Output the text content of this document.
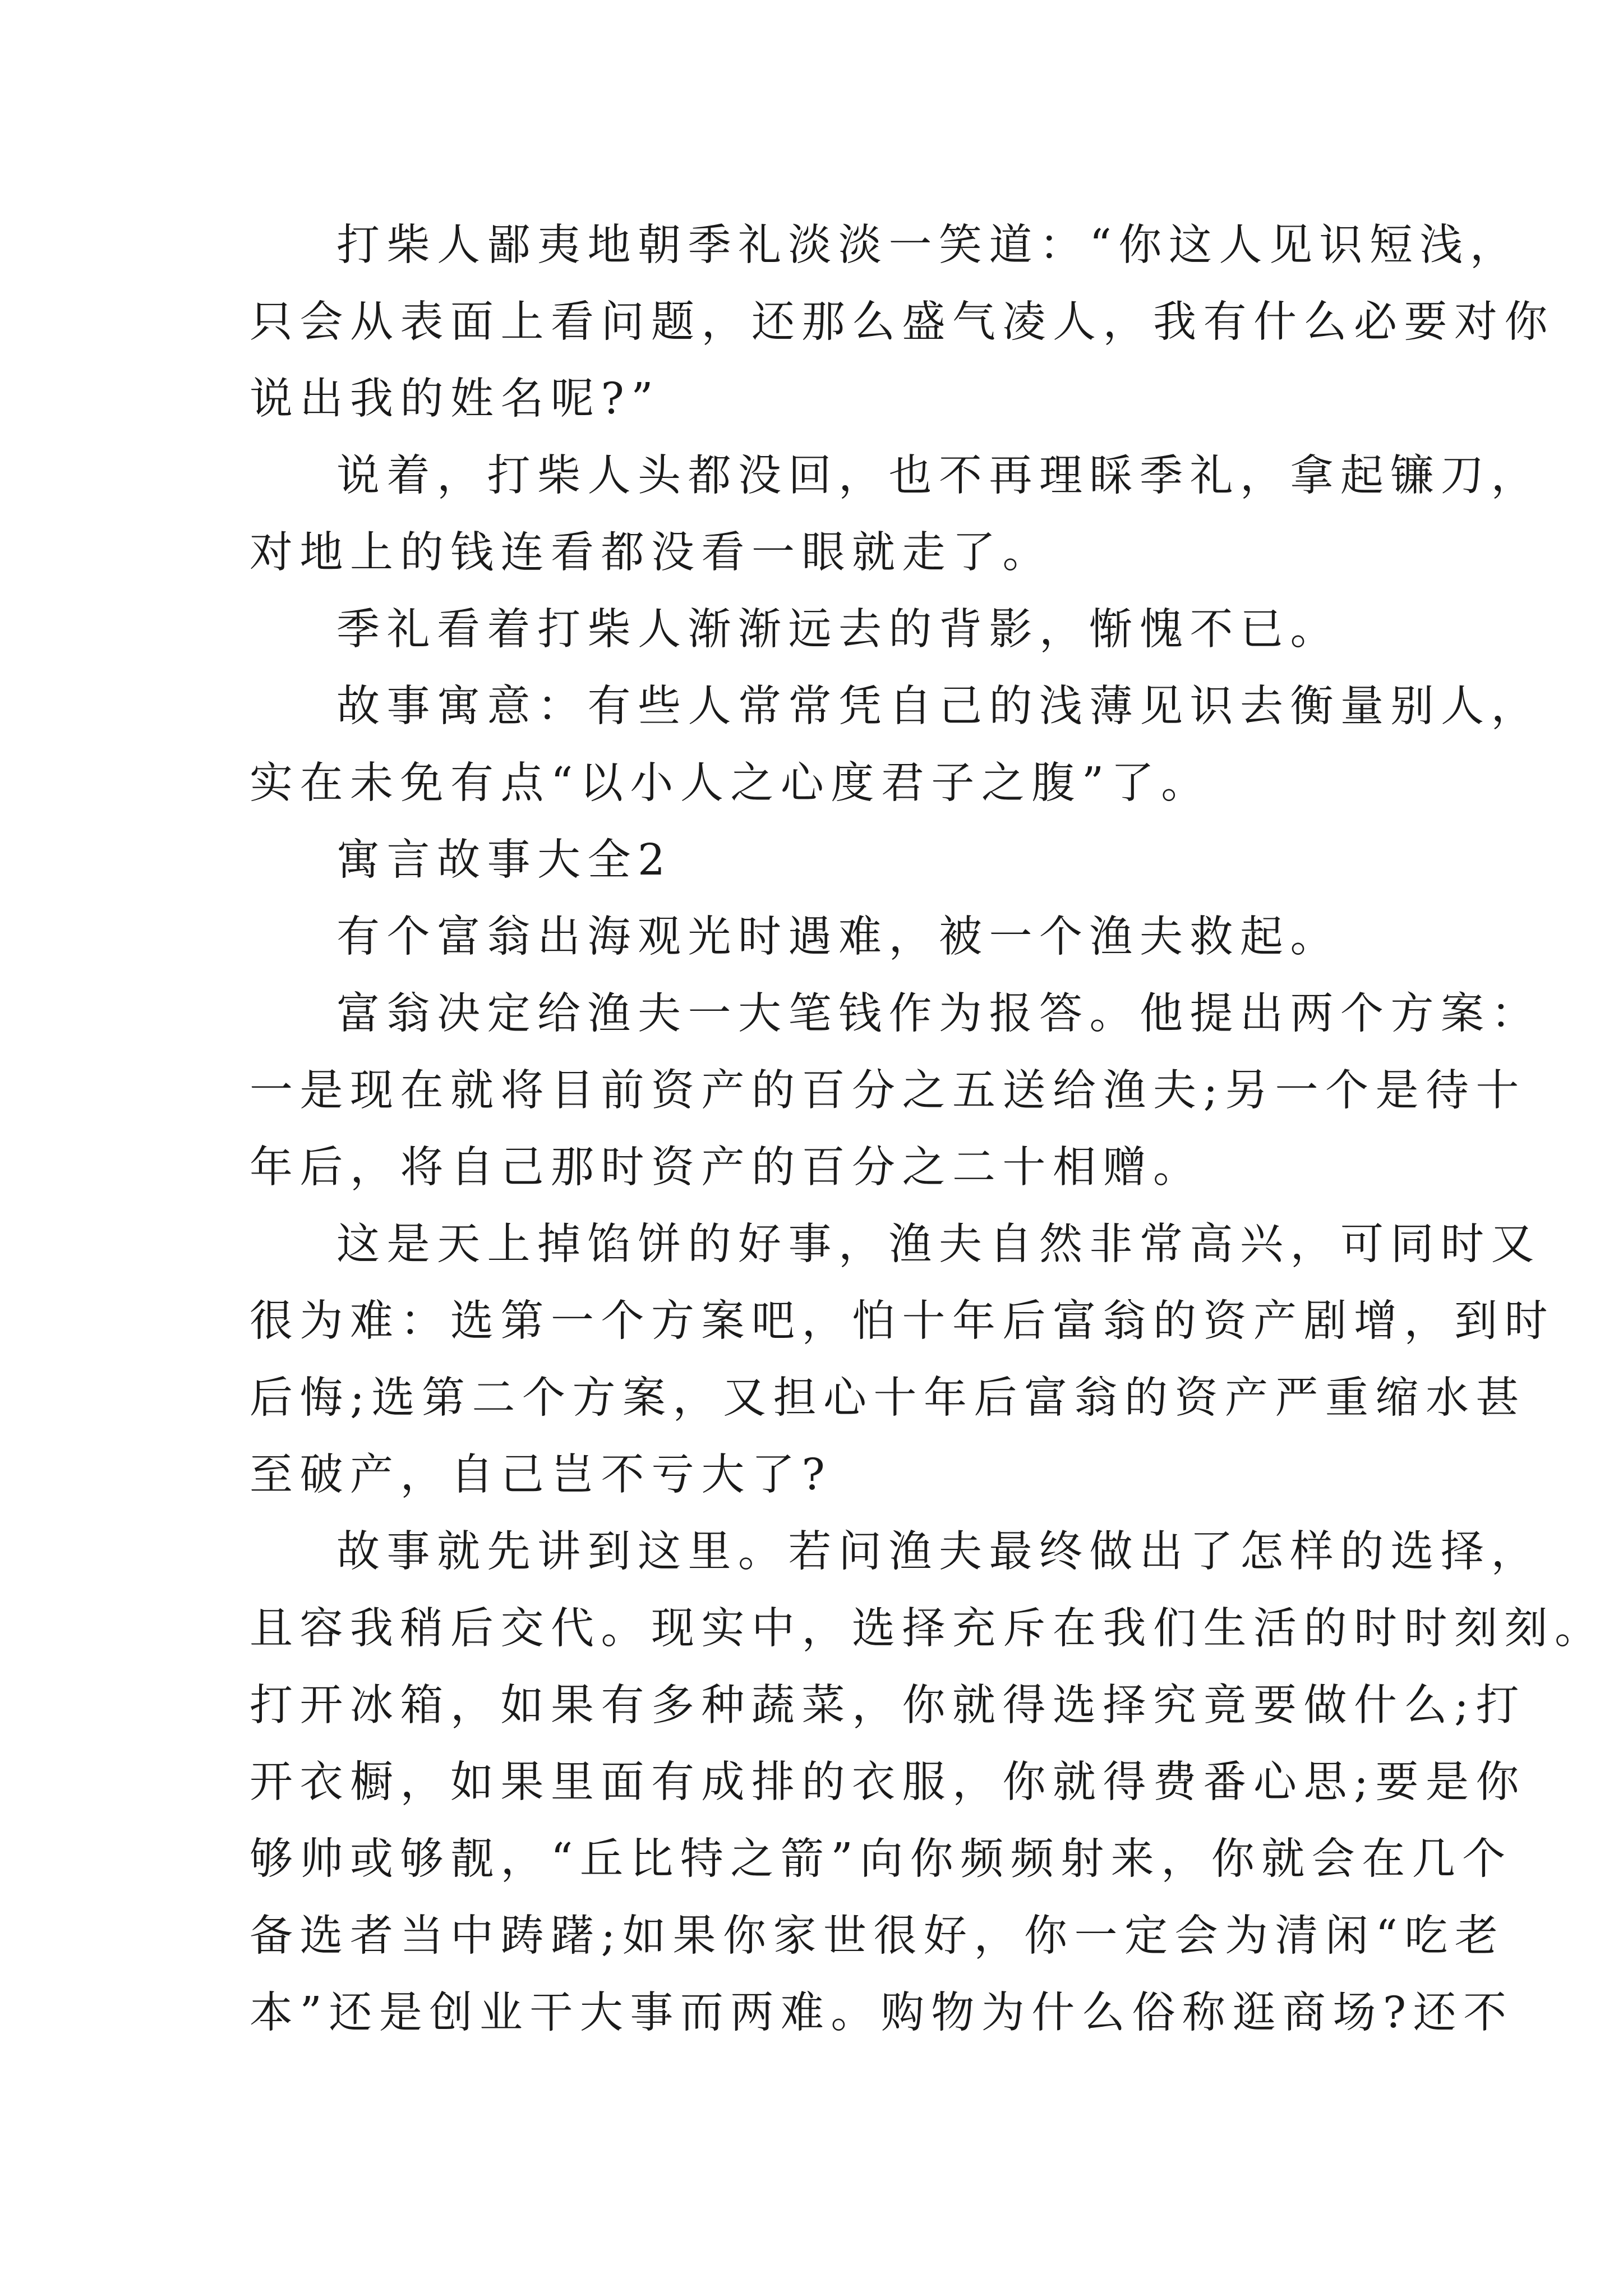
打柴人鄙夷地朝季礼淡淡一笑道：“你这人见识短浅，
只会从表面上看问题，还那么盛气凌人，我有什么必要对你
说出我的姓名呢?”
说着，打柴人头都没回，也不再理睬季礼，拿起镰刀，
对地上的钱连看都没看一眼就走了。
季礼看着打柴人渐渐远去的背影，惭愧不已。
故事寓意：有些人常常凭自己的浅薄见识去衡量别人，
实在未免有点“以小人之心度君子之腹”了。
寓言故事大全2
有个富翁出海观光时遇难，被一个渔夫救起。
富翁决定给渔夫一大笔钱作为报答。他提出两个方案：
一是现在就将目前资产的百分之五送给渔夫;另一个是待十
年后，将自己那时资产的百分之二十相赠。
这是天上掉馅饼的好事，渔夫自然非常高兴，可同时又
很为难：选第一个方案吧，怕十年后富翁的资产剧增，到时
后悔;选第二个方案，又担心十年后富翁的资产严重缩水甚
至破产，自己岂不亏大了?
故事就先讲到这里。若问渔夫最终做出了怎样的选择，
且容我稍后交代。现实中，选择充斥在我们生活的时时刻刻。
打开冰箱，如果有多种蔬菜，你就得选择究竟要做什么;打
开衣橱，如果里面有成排的衣服，你就得费番心思;要是你
够帅或够靓，“丘比特之箭”向你频频射来，你就会在几个
备选者当中踌躇;如果你家世很好，你一定会为清闲“吃老
本”还是创业干大事而两难。购物为什么俗称逛商场?还不
